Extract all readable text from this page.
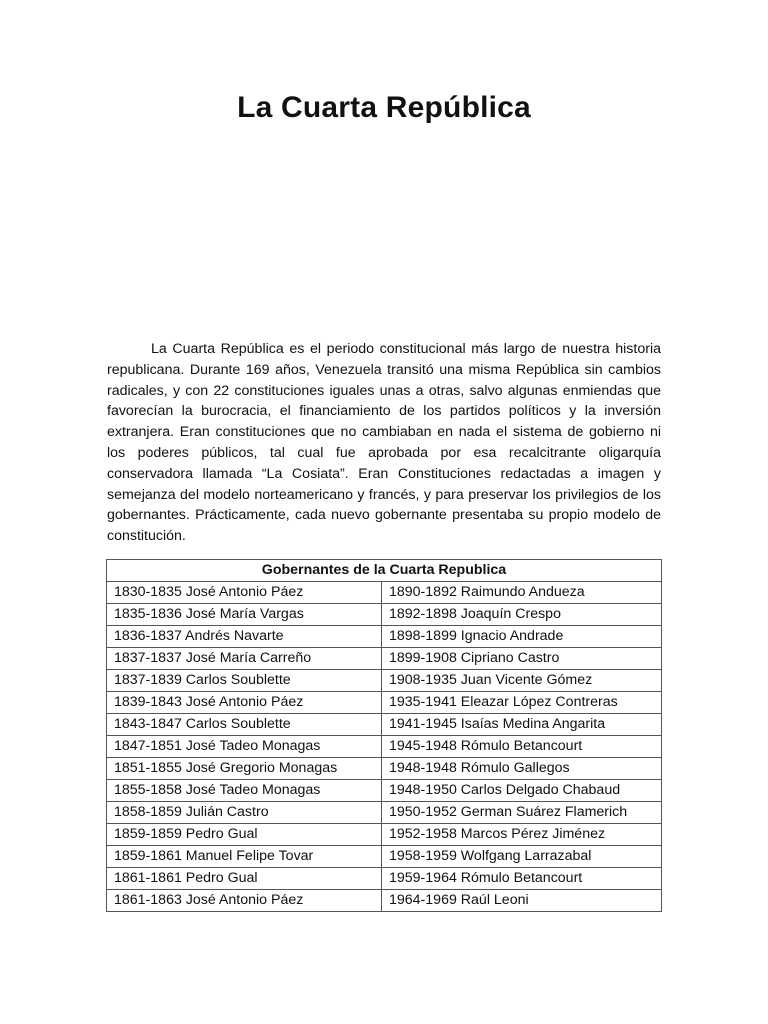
La Cuarta República

La Cuarta República es el periodo constitucional más largo de nuestra historia republicana. Durante 169 años, Venezuela transitó una misma República sin cambios radicales, y con 22 constituciones iguales unas a otras, salvo algunas enmiendas que favorecían la burocracia, el financiamiento de los partidos políticos y la inversión extranjera. Eran constituciones que no cambiaban en nada el sistema de gobierno ni los poderes públicos, tal cual fue aprobada por esa recalcitrante oligarquía conservadora llamada “La Cosiata”. Eran Constituciones redactadas a imagen y semejanza del modelo norteamericano y francés, y para preservar los privilegios de los gobernantes. Prácticamente, cada nuevo gobernante presentaba su propio modelo de constitución.

Gobernantes de la Cuarta Republica	
1830-1835 José Antonio Páez	1890-1892 Raimundo Andueza
1835-1836 José María Vargas	1892-1898 Joaquín Crespo
1836-1837 Andrés Navarte	1898-1899 Ignacio Andrade
1837-1837 José María Carreño	1899-1908 Cipriano Castro
1837-1839 Carlos Soublette	1908-1935 Juan Vicente Gómez
1839-1843 José Antonio Páez	1935-1941 Eleazar López Contreras
1843-1847 Carlos Soublette	1941-1945 Isaías Medina Angarita
1847-1851 José Tadeo Monagas	1945-1948 Rómulo Betancourt
1851-1855 José Gregorio Monagas	1948-1948 Rómulo Gallegos
1855-1858 José Tadeo Monagas	1948-1950 Carlos Delgado Chabaud
1858-1859 Julián Castro	1950-1952 German Suárez Flamerich
1859-1859 Pedro Gual	1952-1958 Marcos Pérez Jiménez
1859-1861 Manuel Felipe Tovar	1958-1959 Wolfgang Larrazabal
1861-1861 Pedro Gual	1959-1964 Rómulo Betancourt
1861-1863 José Antonio Páez	1964-1969 Raúl Leoni
